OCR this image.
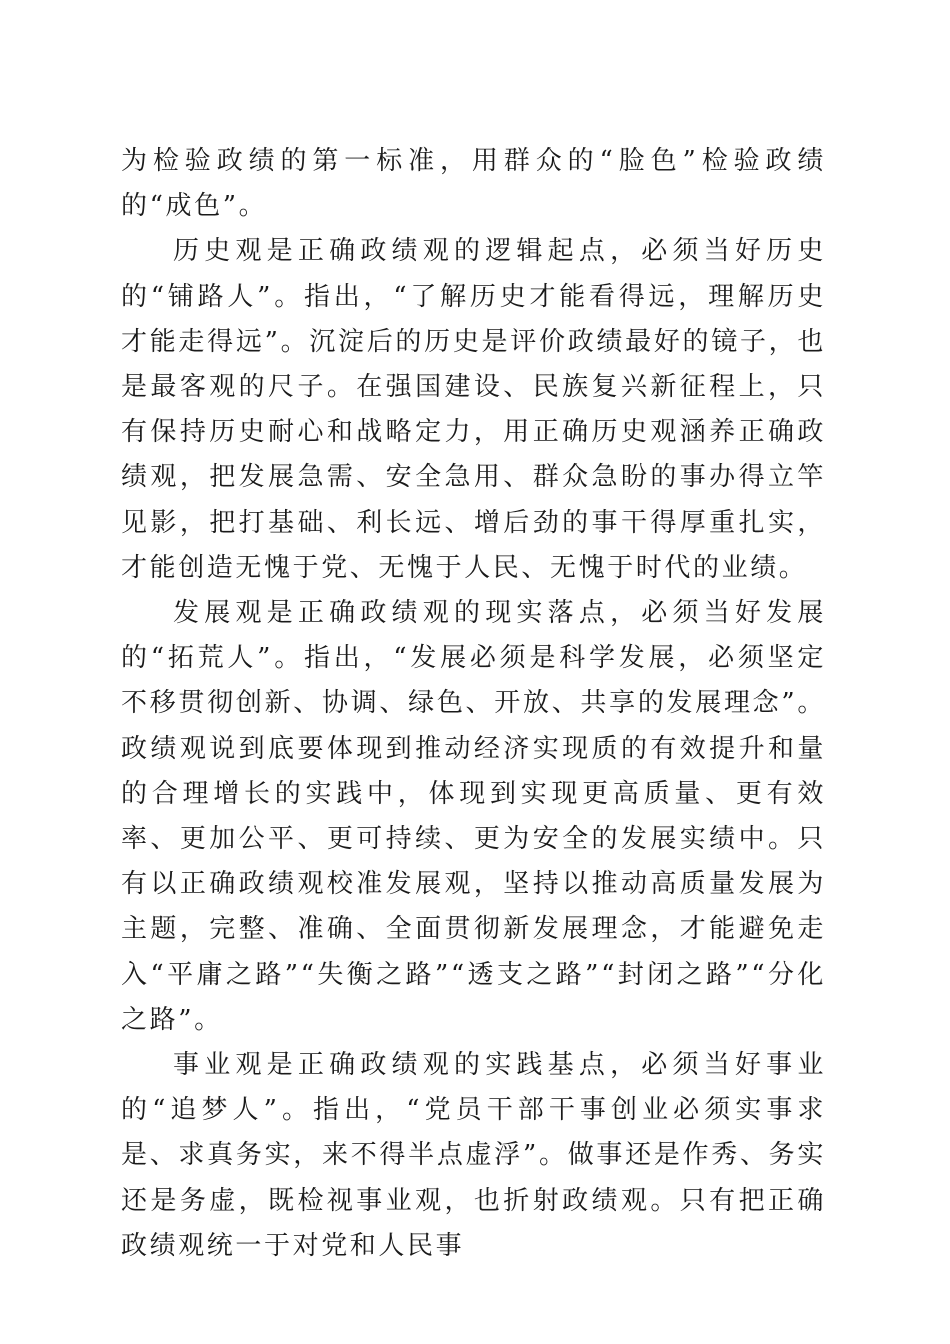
为检验政绩的第一标准，用群众的“脸色”检验政绩的“成色”。

历史观是正确政绩观的逻辑起点，必须当好历史的“铺路人”。指出，“了解历史才能看得远，理解历史才能走得远”。沉淀后的历史是评价政绩最好的镜子，也是最客观的尺子。在强国建设、民族复兴新征程上，只有保持历史耐心和战略定力，用正确历史观涵养正确政绩观，把发展急需、安全急用、群众急盼的事办得立竿见影，把打基础、利长远、增后劲的事干得厚重扎实，才能创造无愧于党、无愧于人民、无愧于时代的业绩。

发展观是正确政绩观的现实落点，必须当好发展的“拓荒人”。指出，“发展必须是科学发展，必须坚定不移贯彻创新、协调、绿色、开放、共享的发展理念”。政绩观说到底要体现到推动经济实现质的有效提升和量的合理增长的实践中，体现到实现更高质量、更有效率、更加公平、更可持续、更为安全的发展实绩中。只有以正确政绩观校准发展观，坚持以推动高质量发展为主题，完整、准确、全面贯彻新发展理念，才能避免走入“平庸之路”“失衡之路”“透支之路”“封闭之路”“分化之路”。

事业观是正确政绩观的实践基点，必须当好事业的“追梦人”。指出，“党员干部干事创业必须实事求是、求真务实，来不得半点虚浮”。做事还是作秀、务实还是务虚，既检视事业观，也折射政绩观。只有把正确政绩观统一于对党和人民事
